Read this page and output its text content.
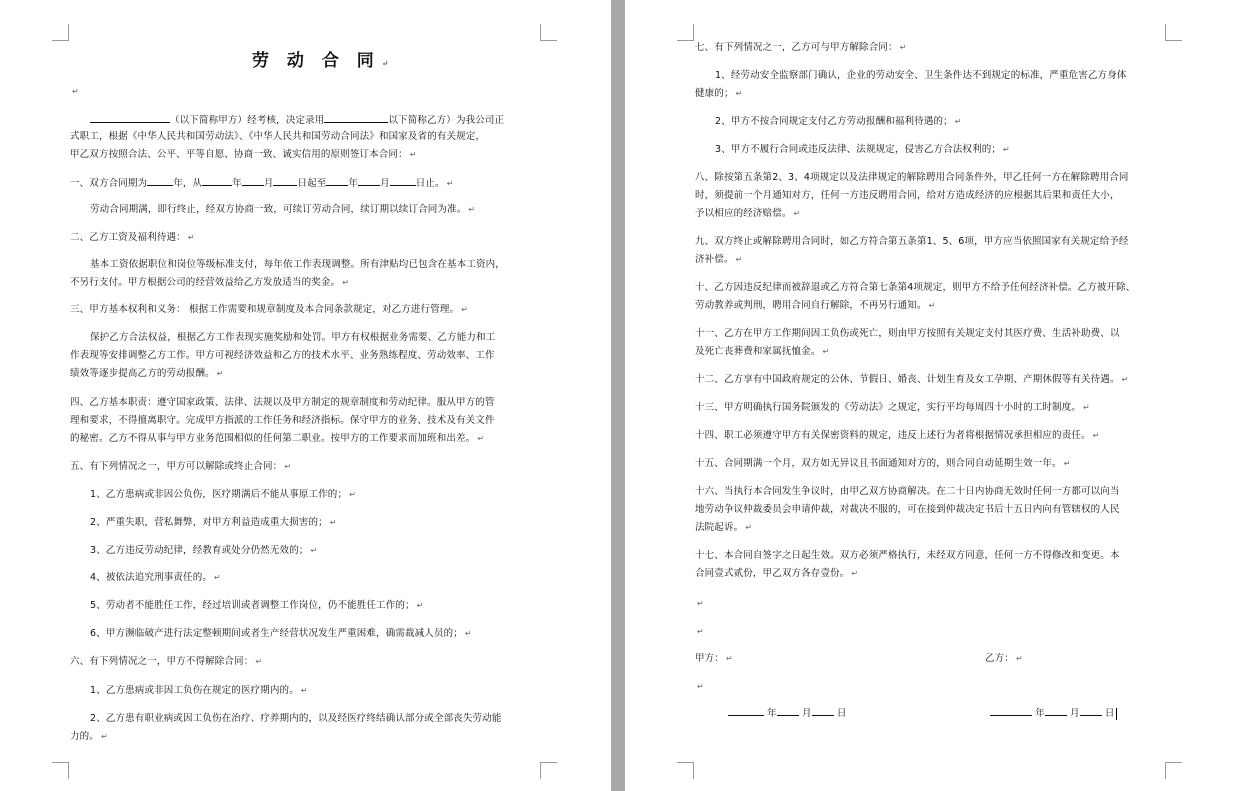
劳 动 合 同 ↵
↵
（以下简称甲方）经考核，决定录用	以下简称乙方）为我公司正
式职工，根据《中华人民共和国劳动法》、《中华人民共和国劳动合同法》和国家及省的有关规定，
甲乙双方按照合法、公平、平等自愿、协商一致、诚实信用的原则签订本合同： ↵
一、双方合同期为	年，从	年 月	日起至 年 月	日止。 ↵
劳动合同期满，即行终止，经双方协商一致，可续订劳动合同，续订期以续订合同为准。 ↵
二、乙方工资及福利待遇： ↵
基本工资依据职位和岗位等级标准支付，每年依工作表现调整。所有津贴均已包含在基本工资内，
不另行支付。甲方根据公司的经营效益给乙方发放适当的奖金。 ↵
三、甲方基本权利和义务： 根据工作需要和规章制度及本合同条款规定，对乙方进行管理。 ↵
保护乙方合法权益，根据乙方工作表现实施奖励和处罚。甲方有权根据业务需要、乙方能力和工
作表现等安排调整乙方工作。甲方可视经济效益和乙方的技术水平、业务熟练程度、劳动效率、工作
绩效等逐步提高乙方的劳动报酬。 ↵
四、乙方基本职责：遵守国家政策、法律、法规以及甲方制定的规章制度和劳动纪律。服从甲方的管
理和要求，不得擅离职守。完成甲方指派的工作任务和经济指标。保守甲方的业务、技术及有关文件
的秘密。乙方不得从事与甲方业务范围相似的任何第二职业。按甲方的工作要求而加班和出差。 ↵
五、有下列情况之一，甲方可以解除或终止合同： ↵
1、乙方患病或非因公负伤，医疗期满后不能从事原工作的； ↵
2、严重失职，营私舞弊，对甲方利益造成重大损害的； ↵
3、乙方违反劳动纪律，经教育或处分仍然无效的； ↵
4、被依法追究刑事责任的。 ↵
5、劳动者不能胜任工作，经过培训或者调整工作岗位，仍不能胜任工作的； ↵
6、甲方濒临破产进行法定整顿期间或者生产经营状况发生严重困难，确需裁减人员的； ↵
六、有下列情况之一，甲方不得解除合同： ↵
1、乙方患病或非因工负伤在规定的医疗期内的。 ↵
2、乙方患有职业病或因工负伤在治疗、疗养期内的，以及经医疗终结确认部分或全部丧失劳动能
力的。 ↵
七、有下列情况之一，乙方可与甲方解除合同： ↵
1、经劳动安全监察部门确认，企业的劳动安全、卫生条件达不到规定的标准，严重危害乙方身体
健康的； ↵
2、甲方不按合同规定支付乙方劳动报酬和福利待遇的； ↵
3、甲方不履行合同或违反法律、法规规定，侵害乙方合法权利的； ↵
八、除按第五条第2、3、4项规定以及法律规定的解除聘用合同条件外，甲乙任何一方在解除聘用合同
时，须提前一个月通知对方，任何一方违反聘用合同，给对方造成经济的应根据其后果和责任大小，
予以相应的经济赔偿。 ↵
九、双方终止或解除聘用合同时，如乙方符合第五条第1、5、6项，甲方应当依照国家有关规定给予经
济补偿。 ↵
十、乙方因违反纪律而被辞退或乙方符合第七条第4项规定，则甲方不给予任何经济补偿。乙方被开除、
劳动教养或判刑，聘用合同自行解除，不再另行通知。 ↵
十一、乙方在甲方工作期间因工负伤或死亡，则由甲方按照有关规定支付其医疗费、生活补助费、以
及死亡丧葬费和家属抚恤金。 ↵
十二、乙方享有中国政府规定的公休、节假日、婚丧、计划生育及女工孕期、产期休假等有关待遇。 ↵
十三、甲方明确执行国务院颁发的《劳动法》之规定，实行平均每周四十小时的工时制度。 ↵
十四、职工必须遵守甲方有关保密资料的规定，违反上述行为者将根据情况承担相应的责任。 ↵
十五、合同期满一个月，双方如无异议且书面通知对方的，则合同自动延期生效一年。 ↵
十六、当执行本合同发生争议时，由甲乙双方协商解决。在二十日内协商无效时任何一方都可以向当
地劳动争议仲裁委员会申请仲裁，对裁决不服的，可在接到仲裁决定书后十五日内向有管辖权的人民
法院起诉。 ↵
十七、本合同自签字之日起生效。双方必须严格执行，未经双方同意，任何一方不得修改和变更。本
合同壹式贰份，甲乙双方各存壹份。 ↵
↵
↵
甲方： ↵	乙方： ↵
↵
年	月	日	年	月	日
